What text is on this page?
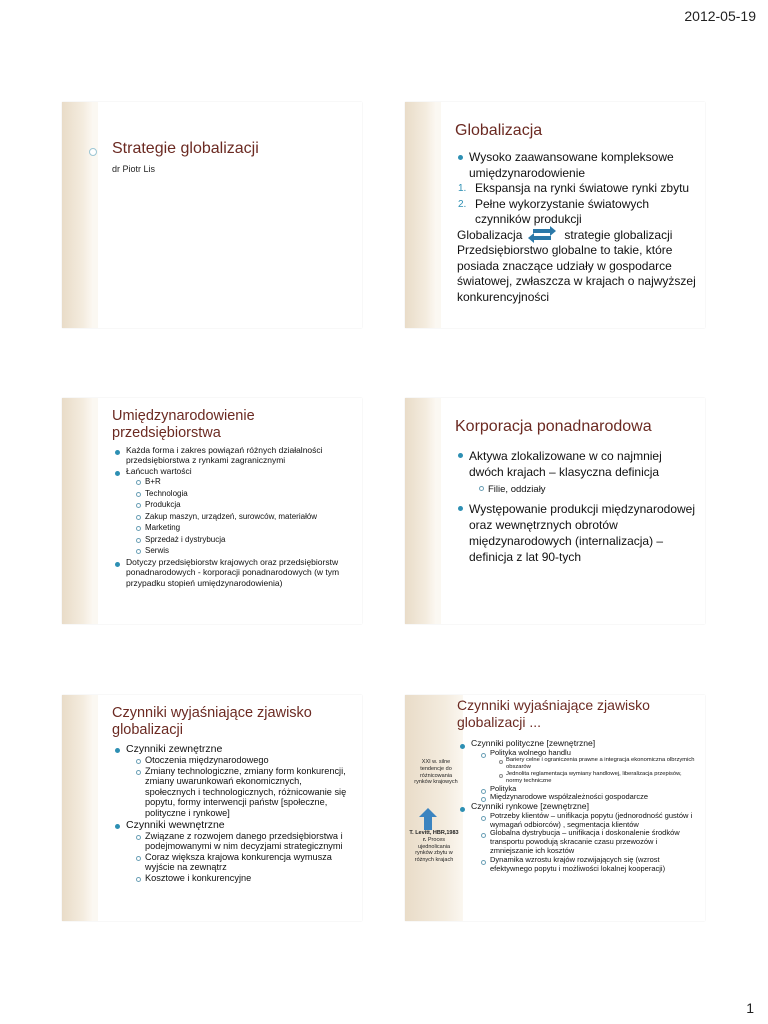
2012-05-19
Strategie globalizacji
dr Piotr Lis
Globalizacja
Wysoko zaawansowane kompleksowe umiędzynarodowienie
1. Ekspansja na rynki światowe rynki zbytu
2. Pełne wykorzystanie światowych czynników produkcji
Globalizacja	strategie globalizacji
Przedsiębiorstwo globalne to takie, które posiada znaczące udziały w gospodarce światowej, zwłaszcza w krajach o najwyższej konkurencyjności
Umiędzynarodowienie przedsiębiorstwa
Każda forma i zakres powiązań różnych działalności przedsiębiorstwa z rynkami zagranicznymi
Łańcuch wartości
B+R
Technologia
Produkcja
Zakup maszyn, urządzeń, surowców, materiałów
Marketing
Sprzedaż i dystrybucja
Serwis
Dotyczy przedsiębiorstw krajowych oraz przedsiębiorstw ponadnarodowych - korporacji ponadnarodowych (w tym przypadku stopień umiędzynarodowienia)
Korporacja ponadnarodowa
Aktywa zlokalizowane w co najmniej dwóch krajach – klasyczna definicja
Filie, oddziały
Występowanie produkcji międzynarodowej oraz wewnętrznych obrotów międzynarodowych (internalizacja) – definicja z lat 90-tych
Czynniki wyjaśniające zjawisko globalizacji
Czynniki zewnętrzne
Otoczenia międzynarodowego
Zmiany technologiczne, zmiany form konkurencji, zmiany uwarunkowań ekonomicznych, społecznych i technologicznych, różnicowanie się popytu, formy interwencji państw [społeczne, polityczne i rynkowe]
Czynniki wewnętrzne
Związane z rozwojem danego przedsiębiorstwa i podejmowanymi w nim decyzjami strategicznymi
Coraz większa krajowa konkurencja wymusza wyjście na zewnątrz
Kosztowe i konkurencyjne
Czynniki wyjaśniające zjawisko globalizacji ...
XXI w. silne tendencje do różnicowania rynków krajowych
T. Levitt, HBR,1983 r. Proces ujednolicania rynków zbytu w różnych krajach
Czynniki polityczne [zewnętrzne]
Polityka wolnego handlu
Bariery celne i ograniczenia prawne a integracja ekonomiczna olbrzymich obszarów
Jednolita reglamentacja wymiany handlowej, liberalizacja przepisów, normy techniczne
Polityka
Międzynarodowe współzależności gospodarcze
Czynniki rynkowe [zewnętrzne]
Potrzeby klientów – unifikacja popytu (jednorodność gustów i wymagań odbiorców) , segmentacja klientów
Globalna dystrybucja – unifikacja i doskonalenie środków transportu powodują skracanie czasu przewozów i zmniejszanie ich kosztów
Dynamika wzrostu krajów rozwijających się (wzrost efektywnego popytu i możliwości lokalnej kooperacji)
1
